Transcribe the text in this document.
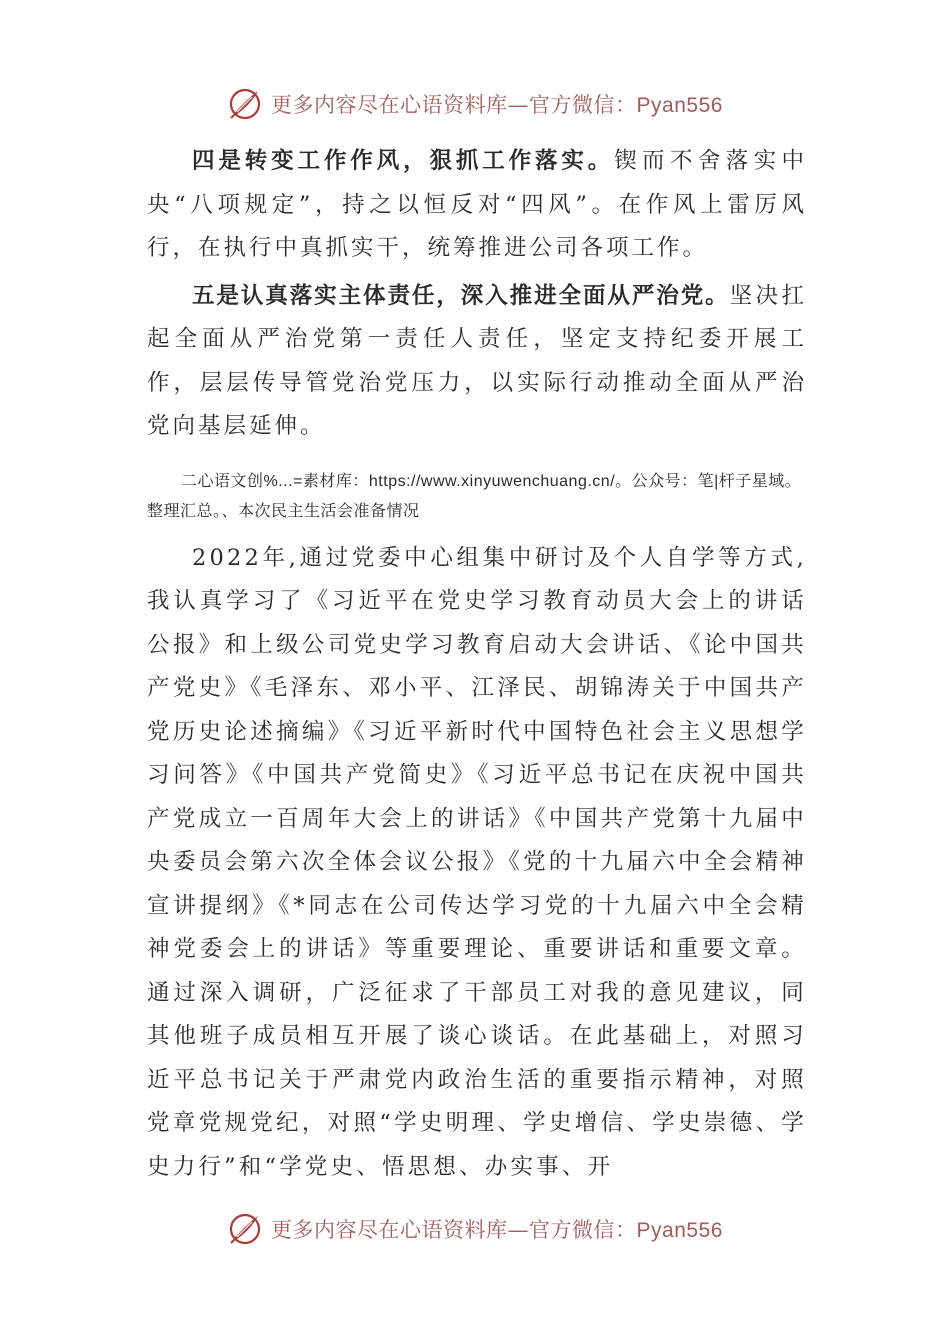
更多内容尽在心语资料库—官方微信：Pyan556

四是转变工作作风，狠抓工作落实。锲而不舍落实中央“八项规定”，持之以恒反对“四风”。在作风上雷厉风行，在执行中真抓实干，统筹推进公司各项工作。

五是认真落实主体责任，深入推进全面从严治党。坚决扛起全面从严治党第一责任人责任，坚定支持纪委开展工作，层层传导管党治党压力，以实际行动推动全面从严治党向基层延伸。

二心语文创%...=素材库：https://www.xinyuwenchuang.cn/。公众号：笔|杆子星域。整理汇总。、本次民主生活会准备情况

2022年,通过党委中心组集中研讨及个人自学等方式,我认真学习了《习近平在党史学习教育动员大会上的讲话公报》和上级公司党史学习教育启动大会讲话、《论中国共产党史》《毛泽东、邓小平、江泽民、胡锦涛关于中国共产党历史论述摘编》《习近平新时代中国特色社会主义思想学习问答》《中国共产党简史》《习近平总书记在庆祝中国共产党成立一百周年大会上的讲话》《中国共产党第十九届中央委员会第六次全体会议公报》《党的十九届六中全会精神宣讲提纲》《*同志在公司传达学习党的十九届六中全会精神党委会上的讲话》等重要理论、重要讲话和重要文章。通过深入调研，广泛征求了干部员工对我的意见建议，同其他班子成员相互开展了谈心谈话。在此基础上，对照习近平总书记关于严肃党内政治生活的重要指示精神，对照党章党规党纪，对照“学史明理、学史增信、学史崇德、学史力行”和“学党史、悟思想、办实事、开

更多内容尽在心语资料库—官方微信：Pyan556
